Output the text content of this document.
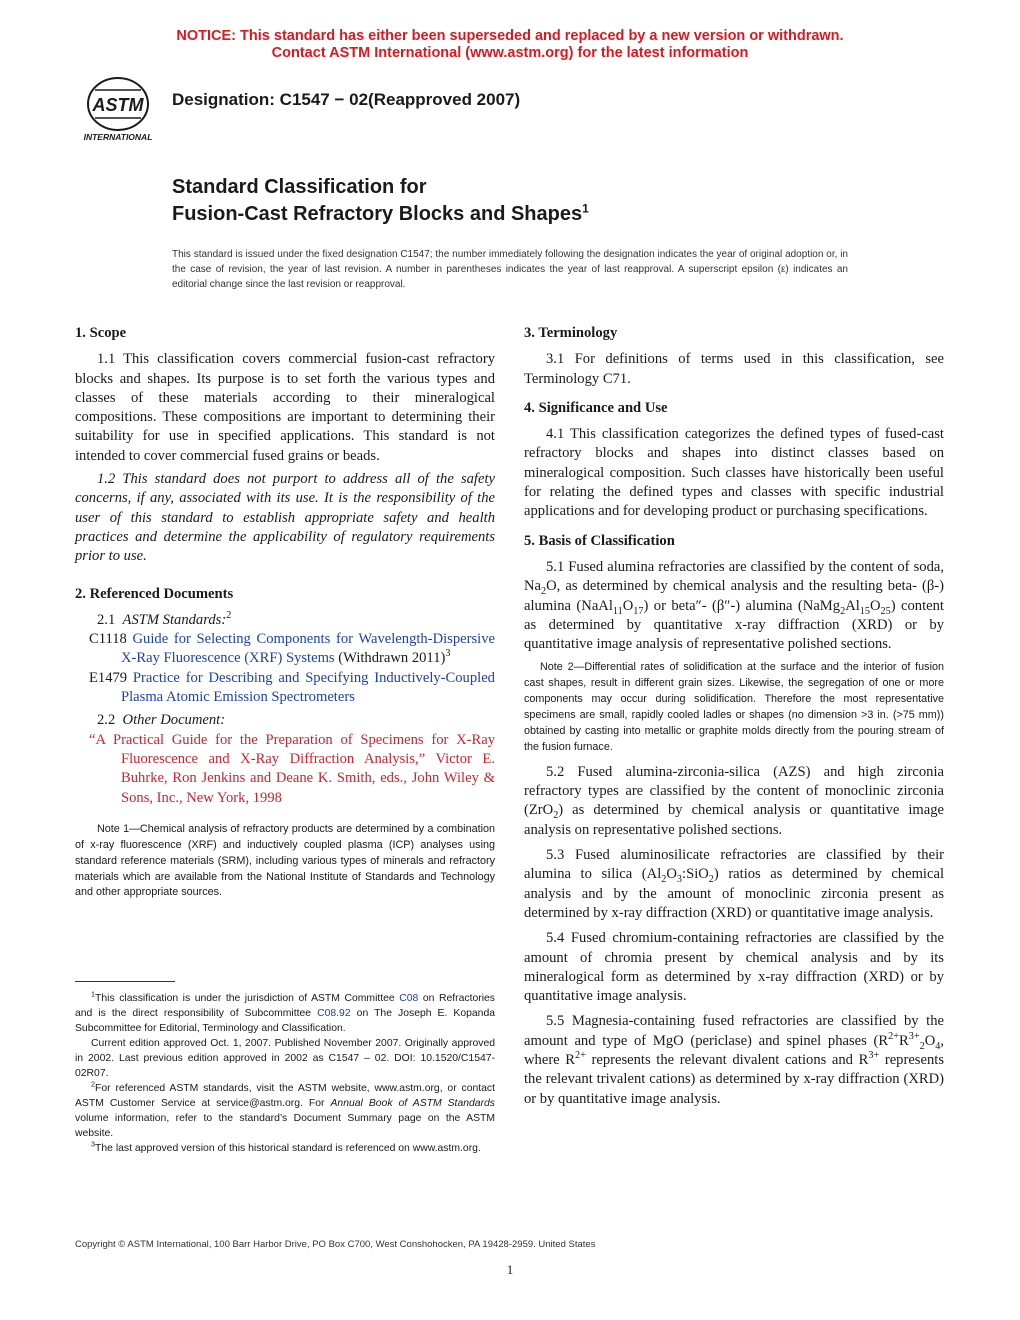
NOTICE: This standard has either been superseded and replaced by a new version or withdrawn.
Contact ASTM International (www.astm.org) for the latest information
ASTM
INTERNATIONAL
Designation: C1547 − 02(Reapproved 2007)
Standard Classification for
Fusion-Cast Refractory Blocks and Shapes$^1$
This standard is issued under the fixed designation C1547; the number immediately following the designation indicates the year of original adoption or, in the case of revision, the year of last revision. A number in parentheses indicates the year of last reapproval. A superscript epsilon (ε) indicates an editorial change since the last revision or reapproval.

1. Scope

1.1 This classification covers commercial fusion-cast refractory blocks and shapes. Its purpose is to set forth the various types and classes of these materials according to their mineralogical compositions. These compositions are important to determining their suitability for use in specified applications. This standard is not intended to cover commercial fused grains or beads.

1.2 This standard does not purport to address all of the safety concerns, if any, associated with its use. It is the responsibility of the user of this standard to establish appropriate safety and health practices and determine the applicability of regulatory requirements prior to use.

2. Referenced Documents

2.1 ASTM Standards:$^2$

C1118 Guide for Selecting Components for Wavelength-Dispersive X-Ray Fluorescence (XRF) Systems (Withdrawn 2011)$^3$

E1479 Practice for Describing and Specifying Inductively-Coupled Plasma Atomic Emission Spectrometers

2.2 Other Document:

“A Practical Guide for the Preparation of Specimens for X-Ray Fluorescence and X-Ray Diffraction Analysis,” Victor E. Buhrke, Ron Jenkins and Deane K. Smith, eds., John Wiley & Sons, Inc., New York, 1998

Note 1—Chemical analysis of refractory products are determined by a combination of x-ray fluorescence (XRF) and inductively coupled plasma (ICP) analyses using standard reference materials (SRM), including various types of minerals and refractory materials which are available from the National Institute of Standards and Technology and other appropriate sources.

$^1$This classification is under the jurisdiction of ASTM Committee C08 on Refractories and is the direct responsibility of Subcommittee C08.92 on The Joseph E. Kopanda Subcommittee for Editorial, Terminology and Classification.

Current edition approved Oct. 1, 2007. Published November 2007. Originally approved in 2002. Last previous edition approved in 2002 as C1547 – 02. DOI: 10.1520/C1547-02R07.

$^2$For referenced ASTM standards, visit the ASTM website, www.astm.org, or contact ASTM Customer Service at service@astm.org. For Annual Book of ASTM Standards volume information, refer to the standard’s Document Summary page on the ASTM website.

$^3$The last approved version of this historical standard is referenced on www.astm.org.

3. Terminology

3.1 For definitions of terms used in this classification, see Terminology C71.

4. Significance and Use

4.1 This classification categorizes the defined types of fused-cast refractory blocks and shapes into distinct classes based on mineralogical composition. Such classes have historically been useful for relating the defined types and classes with specific industrial applications and for developing product or purchasing specifications.

5. Basis of Classification

5.1 Fused alumina refractories are classified by the content of soda, $Na_2O$, as determined by chemical analysis and the resulting beta- (β-) alumina $(NaAl_{11}O_{17})$ or beta″- (β″-) alumina $(NaMg_2Al_{15}O_{25})$ content as determined by quantitative x-ray diffraction (XRD) or by quantitative image analysis of representative polished sections.

Note 2—Differential rates of solidification at the surface and the interior of fusion cast shapes, result in different grain sizes. Likewise, the segregation of one or more components may occur during solidification. Therefore the most representative specimens are small, rapidly cooled ladles or shapes (no dimension >3 in. (>75 mm)) obtained by casting into metallic or graphite molds directly from the pouring stream of the fusion furnace.

5.2 Fused alumina-zirconia-silica (AZS) and high zirconia refractory types are classified by the content of monoclinic zirconia (ZrO$_2$) as determined by chemical analysis or quantitative image analysis on representative polished sections.

5.3 Fused aluminosilicate refractories are classified by their alumina to silica $(Al_2O_3:SiO_2)$ ratios as determined by chemical analysis and by the amount of monoclinic zirconia present as determined by x-ray diffraction (XRD) or quantitative image analysis.

5.4 Fused chromium-containing refractories are classified by the amount of chromia present by chemical analysis and by its mineralogical form as determined by x-ray diffraction (XRD) or by quantitative image analysis.

5.5 Magnesia-containing fused refractories are classified by the amount and type of MgO (periclase) and spinel phases ($R^{2+}R^{3+}_2O_4$, where $R^{2+}$ represents the relevant divalent cations and $R^{3+}$ represents the relevant trivalent cations) as determined by x-ray diffraction (XRD) or by quantitative image analysis.

Copyright © ASTM International, 100 Barr Harbor Drive, PO Box C700, West Conshohocken, PA 19428-2959. United States
1
